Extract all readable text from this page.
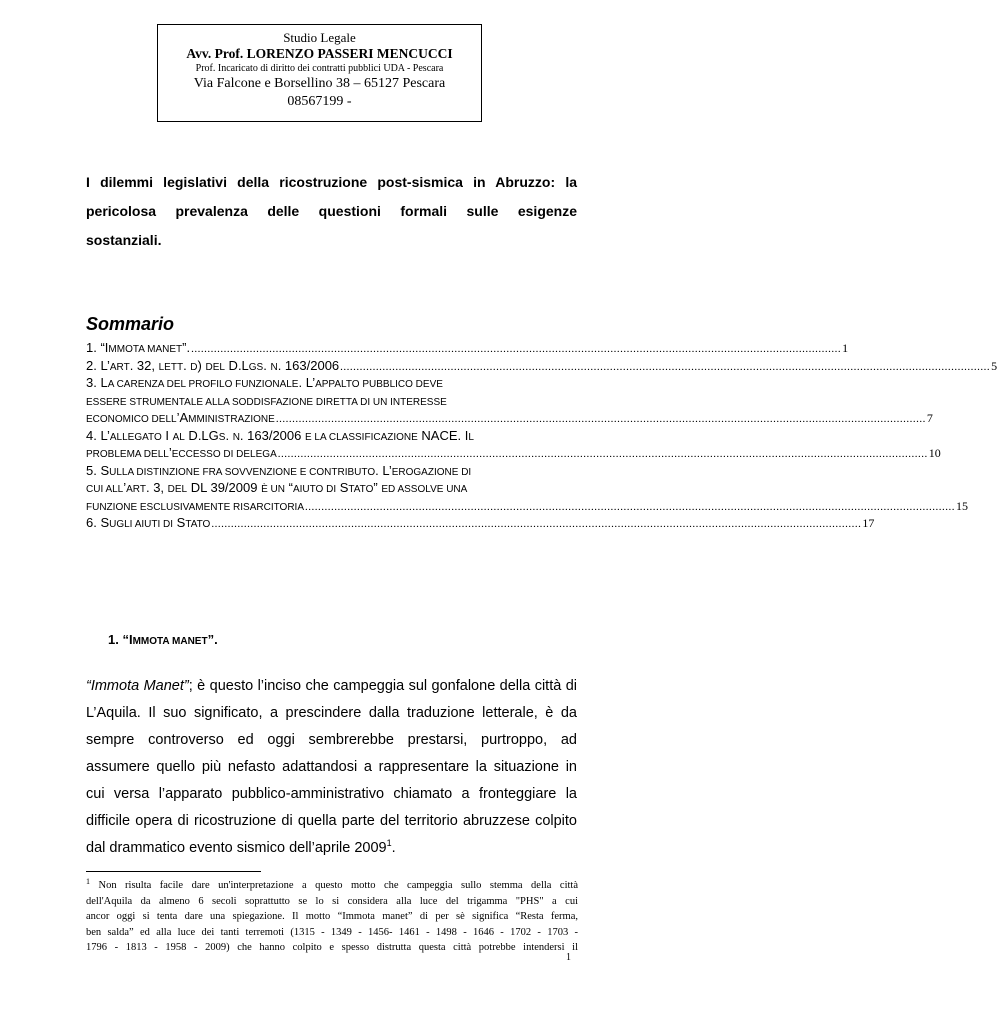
Studio Legale
Avv. Prof. LORENZO PASSERI MENCUCCI
Prof. Incaricato di diritto dei contratti pubblici UDA - Pescara
Via Falcone e Borsellino 38 – 65127 Pescara
08567199 -
I dilemmi legislativi della ricostruzione post-sismica in Abruzzo: la
pericolosa prevalenza delle questioni formali sulle esigenze
sostanziali.
Sommario
1. “IMMOTA MANET”. ........................................................................................................................................................................................................ 1
2. L’ART. 32, LETT. D) DEL D.LGS. N. 163/2006 ........................................................................................................................................................................................................ 5
3. LA CARENZA DEL PROFILO FUNZIONALE. L’APPALTO PUBBLICO DEVE
ESSERE STRUMENTALE ALLA SODDISFAZIONE DIRETTA DI UN INTERESSE
ECONOMICO DELL’AMMINISTRAZIONE ........................................................................................................................................................................................................ 7
4. L’ALLEGATO I AL D.LGS. N. 163/2006 E LA CLASSIFICAZIONE NACE. IL
PROBLEMA DELL’ECCESSO DI DELEGA ........................................................................................................................................................................................................ 10
5. SULLA DISTINZIONE FRA SOVVENZIONE E CONTRIBUTO. L’EROGAZIONE DI
CUI ALL’ART. 3, DEL DL 39/2009 È UN “AIUTO DI STATO” ED ASSOLVE UNA
FUNZIONE ESCLUSIVAMENTE RISARCITORIA ........................................................................................................................................................................................................ 15
6. SUGLI AIUTI DI STATO ........................................................................................................................................................................................................ 17
1. “IMMOTA MANET”.
“Immota Manet”; è questo l’inciso che campeggia sul gonfalone della città di
L’Aquila. Il suo significato, a prescindere dalla traduzione letterale, è da
sempre controverso ed oggi sembrerebbe prestarsi, purtroppo, ad
assumere quello più nefasto adattandosi a rappresentare la situazione in
cui versa l’apparato pubblico-amministrativo chiamato a fronteggiare la
difficile opera di ricostruzione di quella parte del territorio abruzzese colpito
dal drammatico evento sismico dell’aprile 2009$^1$.
$^1$ Non risulta facile dare un'interpretazione a questo motto che campeggia sullo stemma della città
dell'Aquila da almeno 6 secoli soprattutto se lo si considera alla luce del trigamma "PHS" a cui
ancor oggi si tenta dare una spiegazione. Il motto “Immota manet” di per sè significa “Resta ferma,
ben salda” ed alla luce dei tanti terremoti (1315 - 1349 - 1456- 1461 - 1498 - 1646 - 1702 - 1703 -
1796 - 1813 - 1958 - 2009) che hanno colpito e spesso distrutta questa città potrebbe intendersi il
1
